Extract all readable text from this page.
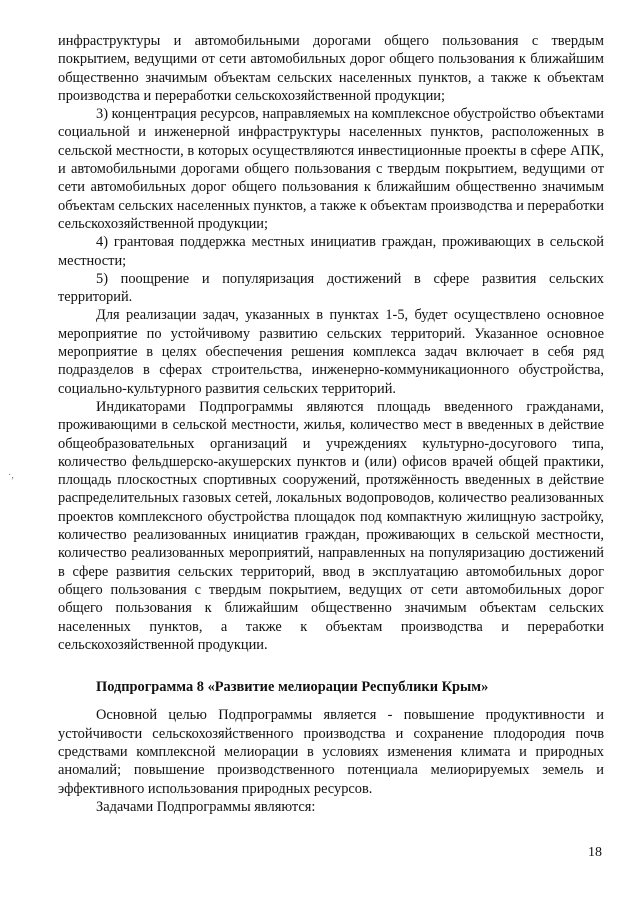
инфраструктуры и автомобильными дорогами общего пользования с твердым покрытием, ведущими от сети автомобильных дорог общего пользования к ближайшим общественно значимым объектам сельских населенных пунктов, а также к объектам производства и переработки сельскохозяйственной продукции;

3) концентрация ресурсов, направляемых на комплексное обустройство объектами социальной и инженерной инфраструктуры населенных пунктов, расположенных в сельской местности, в которых осуществляются инвестиционные проекты в сфере АПК, и автомобильными дорогами общего пользования с твердым покрытием, ведущими от сети автомобильных дорог общего пользования к ближайшим общественно значимым объектам сельских населенных пунктов, а также к объектам производства и переработки сельскохозяйственной продукции;

4) грантовая поддержка местных инициатив граждан, проживающих в сельской местности;

5) поощрение и популяризация достижений в сфере развития сельских территорий.

Для реализации задач, указанных в пунктах 1-5, будет осуществлено основное мероприятие по устойчивому развитию сельских территорий. Указанное основное мероприятие в целях обеспечения решения комплекса задач включает в себя ряд подразделов в сферах строительства, инженерно-коммуникационного обустройства, социально-культурного развития сельских территорий.

Индикаторами Подпрограммы являются площадь введенного гражданами, проживающими в сельской местности, жилья, количество мест в введенных в действие общеобразовательных организаций и учреждениях культурно-досугового типа, количество фельдшерско-акушерских пунктов и (или) офисов врачей общей практики, площадь плоскостных спортивных сооружений, протяжённость введенных в действие распределительных газовых сетей, локальных водопроводов, количество реализованных проектов комплексного обустройства площадок под компактную жилищную застройку, количество реализованных инициатив граждан, проживающих в сельской местности, количество реализованных мероприятий, направленных на популяризацию достижений в сфере развития сельских территорий, ввод в эксплуатацию автомобильных дорог общего пользования с твердым покрытием, ведущих от сети автомобильных дорог общего пользования к ближайшим общественно значимым объектам сельских населенных пунктов, а также к объектам производства и переработки сельскохозяйственной продукции.

Подпрограмма 8 «Развитие мелиорации Республики Крым»

Основной целью Подпрограммы является - повышение продуктивности и устойчивости сельскохозяйственного производства и сохранение плодородия почв средствами комплексной мелиорации в условиях изменения климата и природных аномалий; повышение производственного потенциала мелиорируемых земель и эффективного использования природных ресурсов.

Задачами Подпрограммы являются:

·,
18
